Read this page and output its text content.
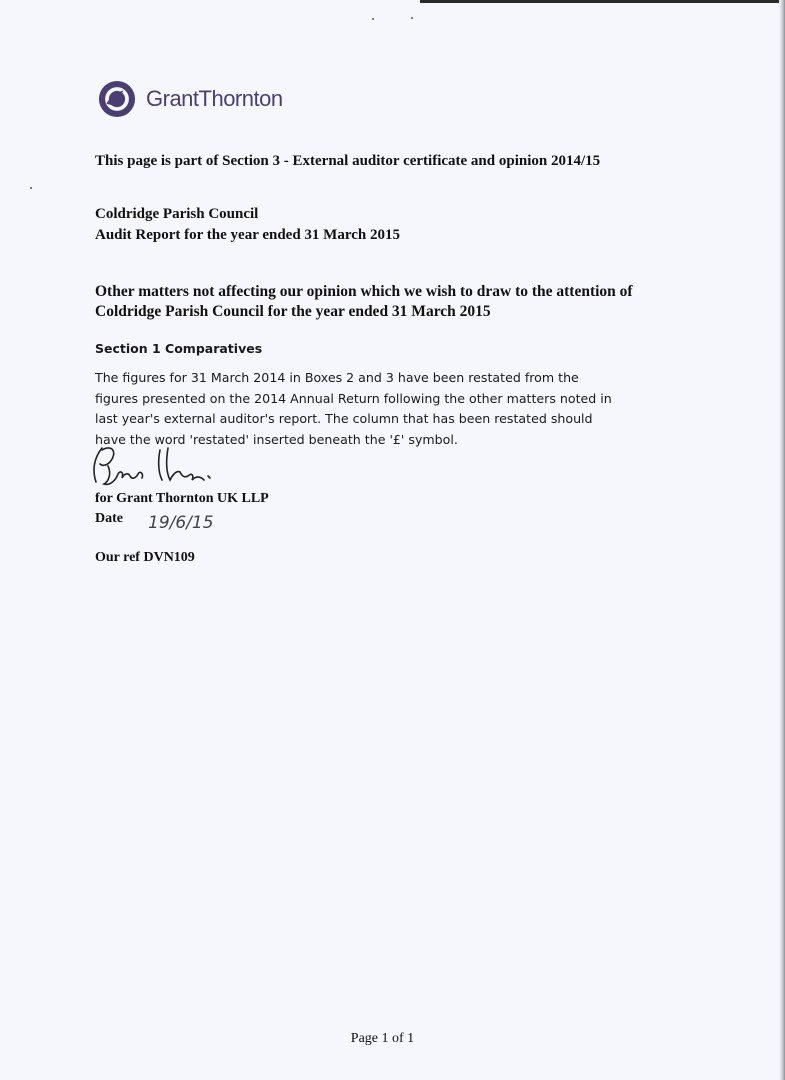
GrantThornton
This page is part of Section 3 - External auditor certificate and opinion 2014/15
Coldridge Parish Council
Audit Report for the year ended 31 March 2015
Other matters not affecting our opinion which we wish to draw to the attention of Coldridge Parish Council for the year ended 31 March 2015
Section 1 Comparatives
The figures for 31 March 2014 in Boxes 2 and 3 have been restated from the figures presented on the 2014 Annual Return following the other matters noted in last year's external auditor's report. The column that has been restated should have the word 'restated' inserted beneath the '£' symbol.
for Grant Thornton UK LLP
Date 19/6/15
Our ref DVN109
Page 1 of 1
